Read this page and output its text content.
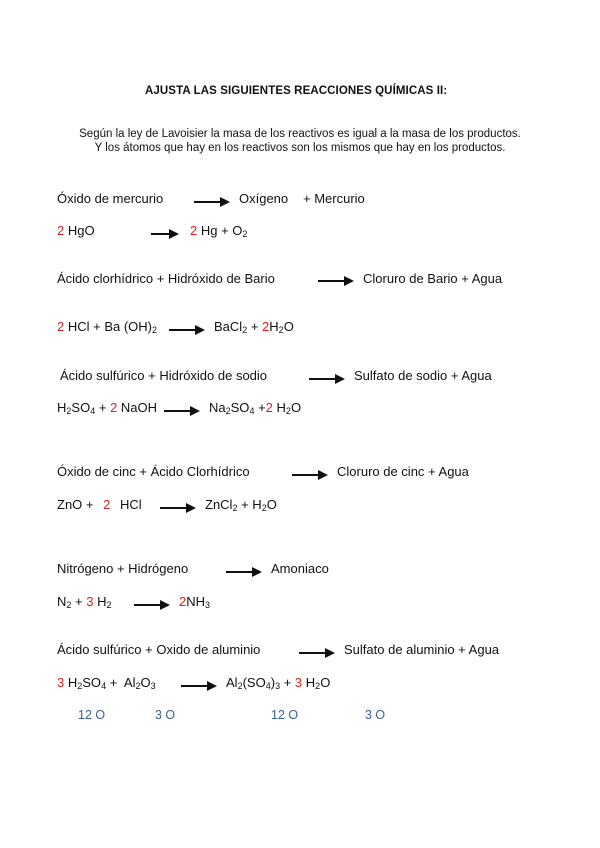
AJUSTA LAS SIGUIENTES REACCIONES QUÍMICAS II:
Según la ley de Lavoisier la masa de los reactivos es igual a la masa de los productos.
Y los átomos que hay en los reactivos son los mismos que hay en los productos.
Óxido de mercurio	Oxígeno + Mercurio
2 HgO	2 $Hg + O_2$
Ácido clorhídrico + Hidróxido de Bario	Cloruro de Bario + Agua
2 HCl + Ba $(OH)_2$	BaCl$_2$ + $2H_2O$
Ácido sulfúrico + Hidróxido de sodio	Sulfato de sodio + Agua
$H_2SO_4 + 2$ NaOH	$Na_2SO_4 +2$ $H_2O$
Óxido de cinc + Ácido Clorhídrico	Cloruro de cinc + Agua
ZnO + 2 HCl	ZnCl$_2$ + $H_2O$
Nitrógeno + Hidrógeno	Amoniaco
$N_2 + 3$ $H_2$	$2NH_3$
Ácido sulfúrico + Oxido de aluminio	Sulfato de aluminio + Agua
3 $H_2SO_4 + Al_2O_3$	$Al_2(SO_4)_3 + 3$ $H_2O$
12 O	3 O	12 O	3 O
